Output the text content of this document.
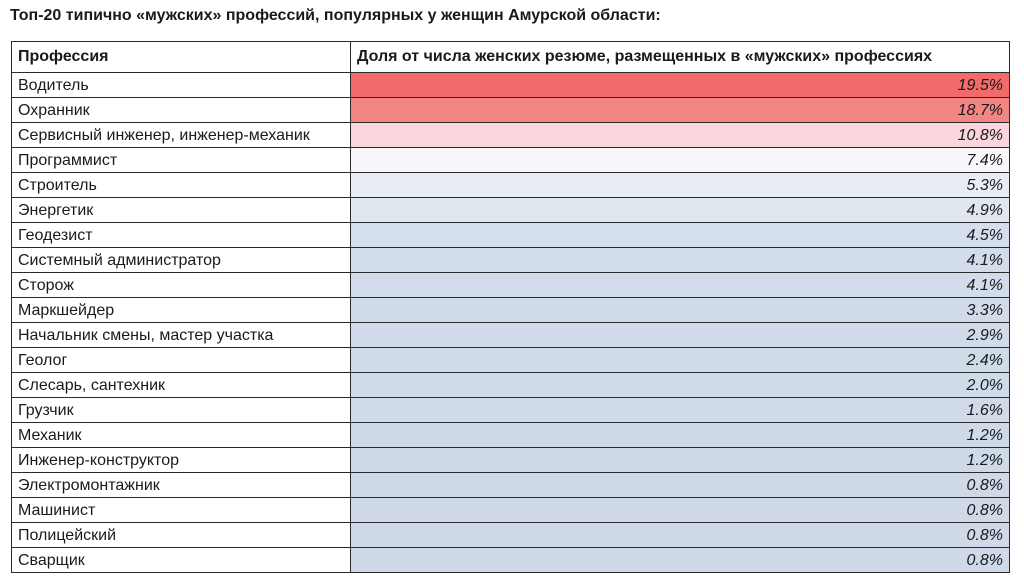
Топ-20 типично «мужских» профессий, популярных у женщин Амурской области:
Профессия	Доля от числа женских резюме, размещенных в «мужских» профессиях
Водитель	19.5%
Охранник	18.7%
Сервисный инженер, инженер-механик	10.8%
Программист	7.4%
Строитель	5.3%
Энергетик	4.9%
Геодезист	4.5%
Системный администратор	4.1%
Сторож	4.1%
Маркшейдер	3.3%
Начальник смены, мастер участка	2.9%
Геолог	2.4%
Слесарь, сантехник	2.0%
Грузчик	1.6%
Механик	1.2%
Инженер-конструктор	1.2%
Электромонтажник	0.8%
Машинист	0.8%
Полицейский	0.8%
Сварщик	0.8%
